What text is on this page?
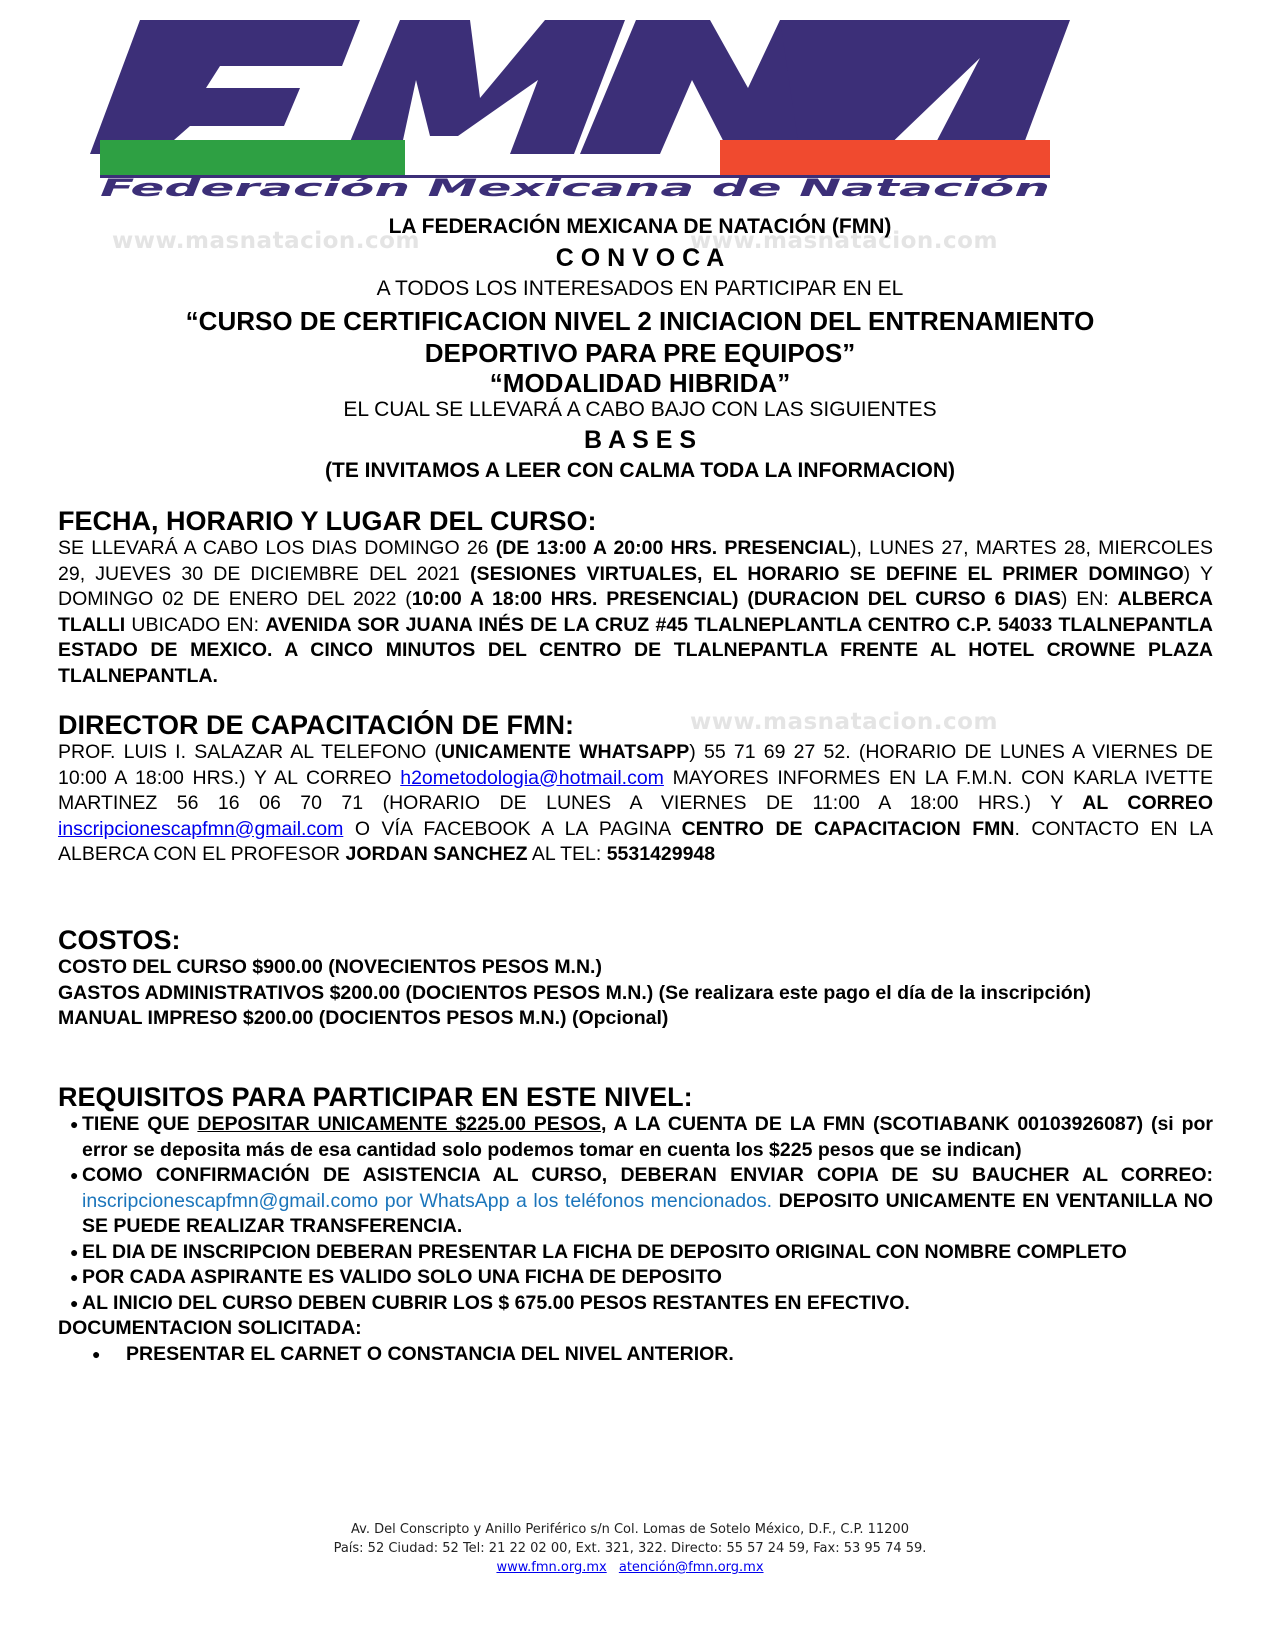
Federación Mexicana de Natación
www.masnatacion.com	www.masnatacion.com
www.masnatacion.com
LA FEDERACIÓN MEXICANA DE NATACIÓN (FMN)
C O N V O C A
A TODOS LOS INTERESADOS EN PARTICIPAR EN EL
“CURSO DE CERTIFICACION NIVEL 2 INICIACION DEL ENTRENAMIENTO
DEPORTIVO PARA PRE EQUIPOS”
“MODALIDAD HIBRIDA”
EL CUAL SE LLEVARÁ A CABO BAJO CON LAS SIGUIENTES
B A S E S
(TE INVITAMOS A LEER CON CALMA TODA LA INFORMACION)
FECHA, HORARIO Y LUGAR DEL CURSO:
SE LLEVARÁ A CABO LOS DIAS DOMINGO 26 (DE 13:00 A 20:00 HRS. PRESENCIAL), LUNES 27, MARTES 28, MIERCOLES 29, JUEVES 30 DE DICIEMBRE DEL 2021 (SESIONES VIRTUALES, EL HORARIO SE DEFINE EL PRIMER DOMINGO) Y DOMINGO 02 DE ENERO DEL 2022 (10:00 A 18:00 HRS. PRESENCIAL) (DURACION DEL CURSO 6 DIAS) EN: ALBERCA TLALLI UBICADO EN: AVENIDA SOR JUANA INÉS DE LA CRUZ #45 TLALNEPLANTLA CENTRO C.P. 54033 TLALNEPANTLA ESTADO DE MEXICO. A CINCO MINUTOS DEL CENTRO DE TLALNEPANTLA FRENTE AL HOTEL CROWNE PLAZA TLALNEPANTLA.
DIRECTOR DE CAPACITACIÓN DE FMN:
PROF. LUIS I. SALAZAR AL TELEFONO (UNICAMENTE WHATSAPP) 55 71 69 27 52. (HORARIO DE LUNES A VIERNES DE 10:00 A 18:00 HRS.) Y AL CORREO h2ometodologia@hotmail.com MAYORES INFORMES EN LA F.M.N. CON KARLA IVETTE MARTINEZ 56 16 06 70 71 (HORARIO DE LUNES A VIERNES DE 11:00 A 18:00 HRS.) Y AL CORREO inscripcionescapfmn@gmail.com O VÍA FACEBOOK A LA PAGINA CENTRO DE CAPACITACION FMN. CONTACTO EN LA ALBERCA CON EL PROFESOR JORDAN SANCHEZ AL TEL: 5531429948
COSTOS:
COSTO DEL CURSO $900.00 (NOVECIENTOS PESOS M.N.)
GASTOS ADMINISTRATIVOS $200.00 (DOCIENTOS PESOS M.N.) (Se realizara este pago el día de la inscripción)
MANUAL IMPRESO $200.00 (DOCIENTOS PESOS M.N.) (Opcional)
REQUISITOS PARA PARTICIPAR EN ESTE NIVEL:
● TIENE QUE DEPOSITAR UNICAMENTE $225.00 PESOS, A LA CUENTA DE LA FMN (SCOTIABANK 00103926087) (si por error se deposita más de esa cantidad solo podemos tomar en cuenta los $225 pesos que se indican)
● COMO CONFIRMACIÓN DE ASISTENCIA AL CURSO, DEBERAN ENVIAR COPIA DE SU BAUCHER AL CORREO: inscripcionescapfmn@gmail.como por WhatsApp a los teléfonos mencionados. DEPOSITO UNICAMENTE EN VENTANILLA NO SE PUEDE REALIZAR TRANSFERENCIA.
● EL DIA DE INSCRIPCION DEBERAN PRESENTAR LA FICHA DE DEPOSITO ORIGINAL CON NOMBRE COMPLETO
● POR CADA ASPIRANTE ES VALIDO SOLO UNA FICHA DE DEPOSITO
● AL INICIO DEL CURSO DEBEN CUBRIR LOS $ 675.00 PESOS RESTANTES EN EFECTIVO.
DOCUMENTACION SOLICITADA:
● PRESENTAR EL CARNET O CONSTANCIA DEL NIVEL ANTERIOR.
Av. Del Conscripto y Anillo Periférico s/n Col. Lomas de Sotelo México, D.F., C.P. 11200
País: 52 Ciudad: 52 Tel: 21 22 02 00, Ext. 321, 322. Directo: 55 57 24 59, Fax: 53 95 74 59.
www.fmn.org.mx atención@fmn.org.mx
